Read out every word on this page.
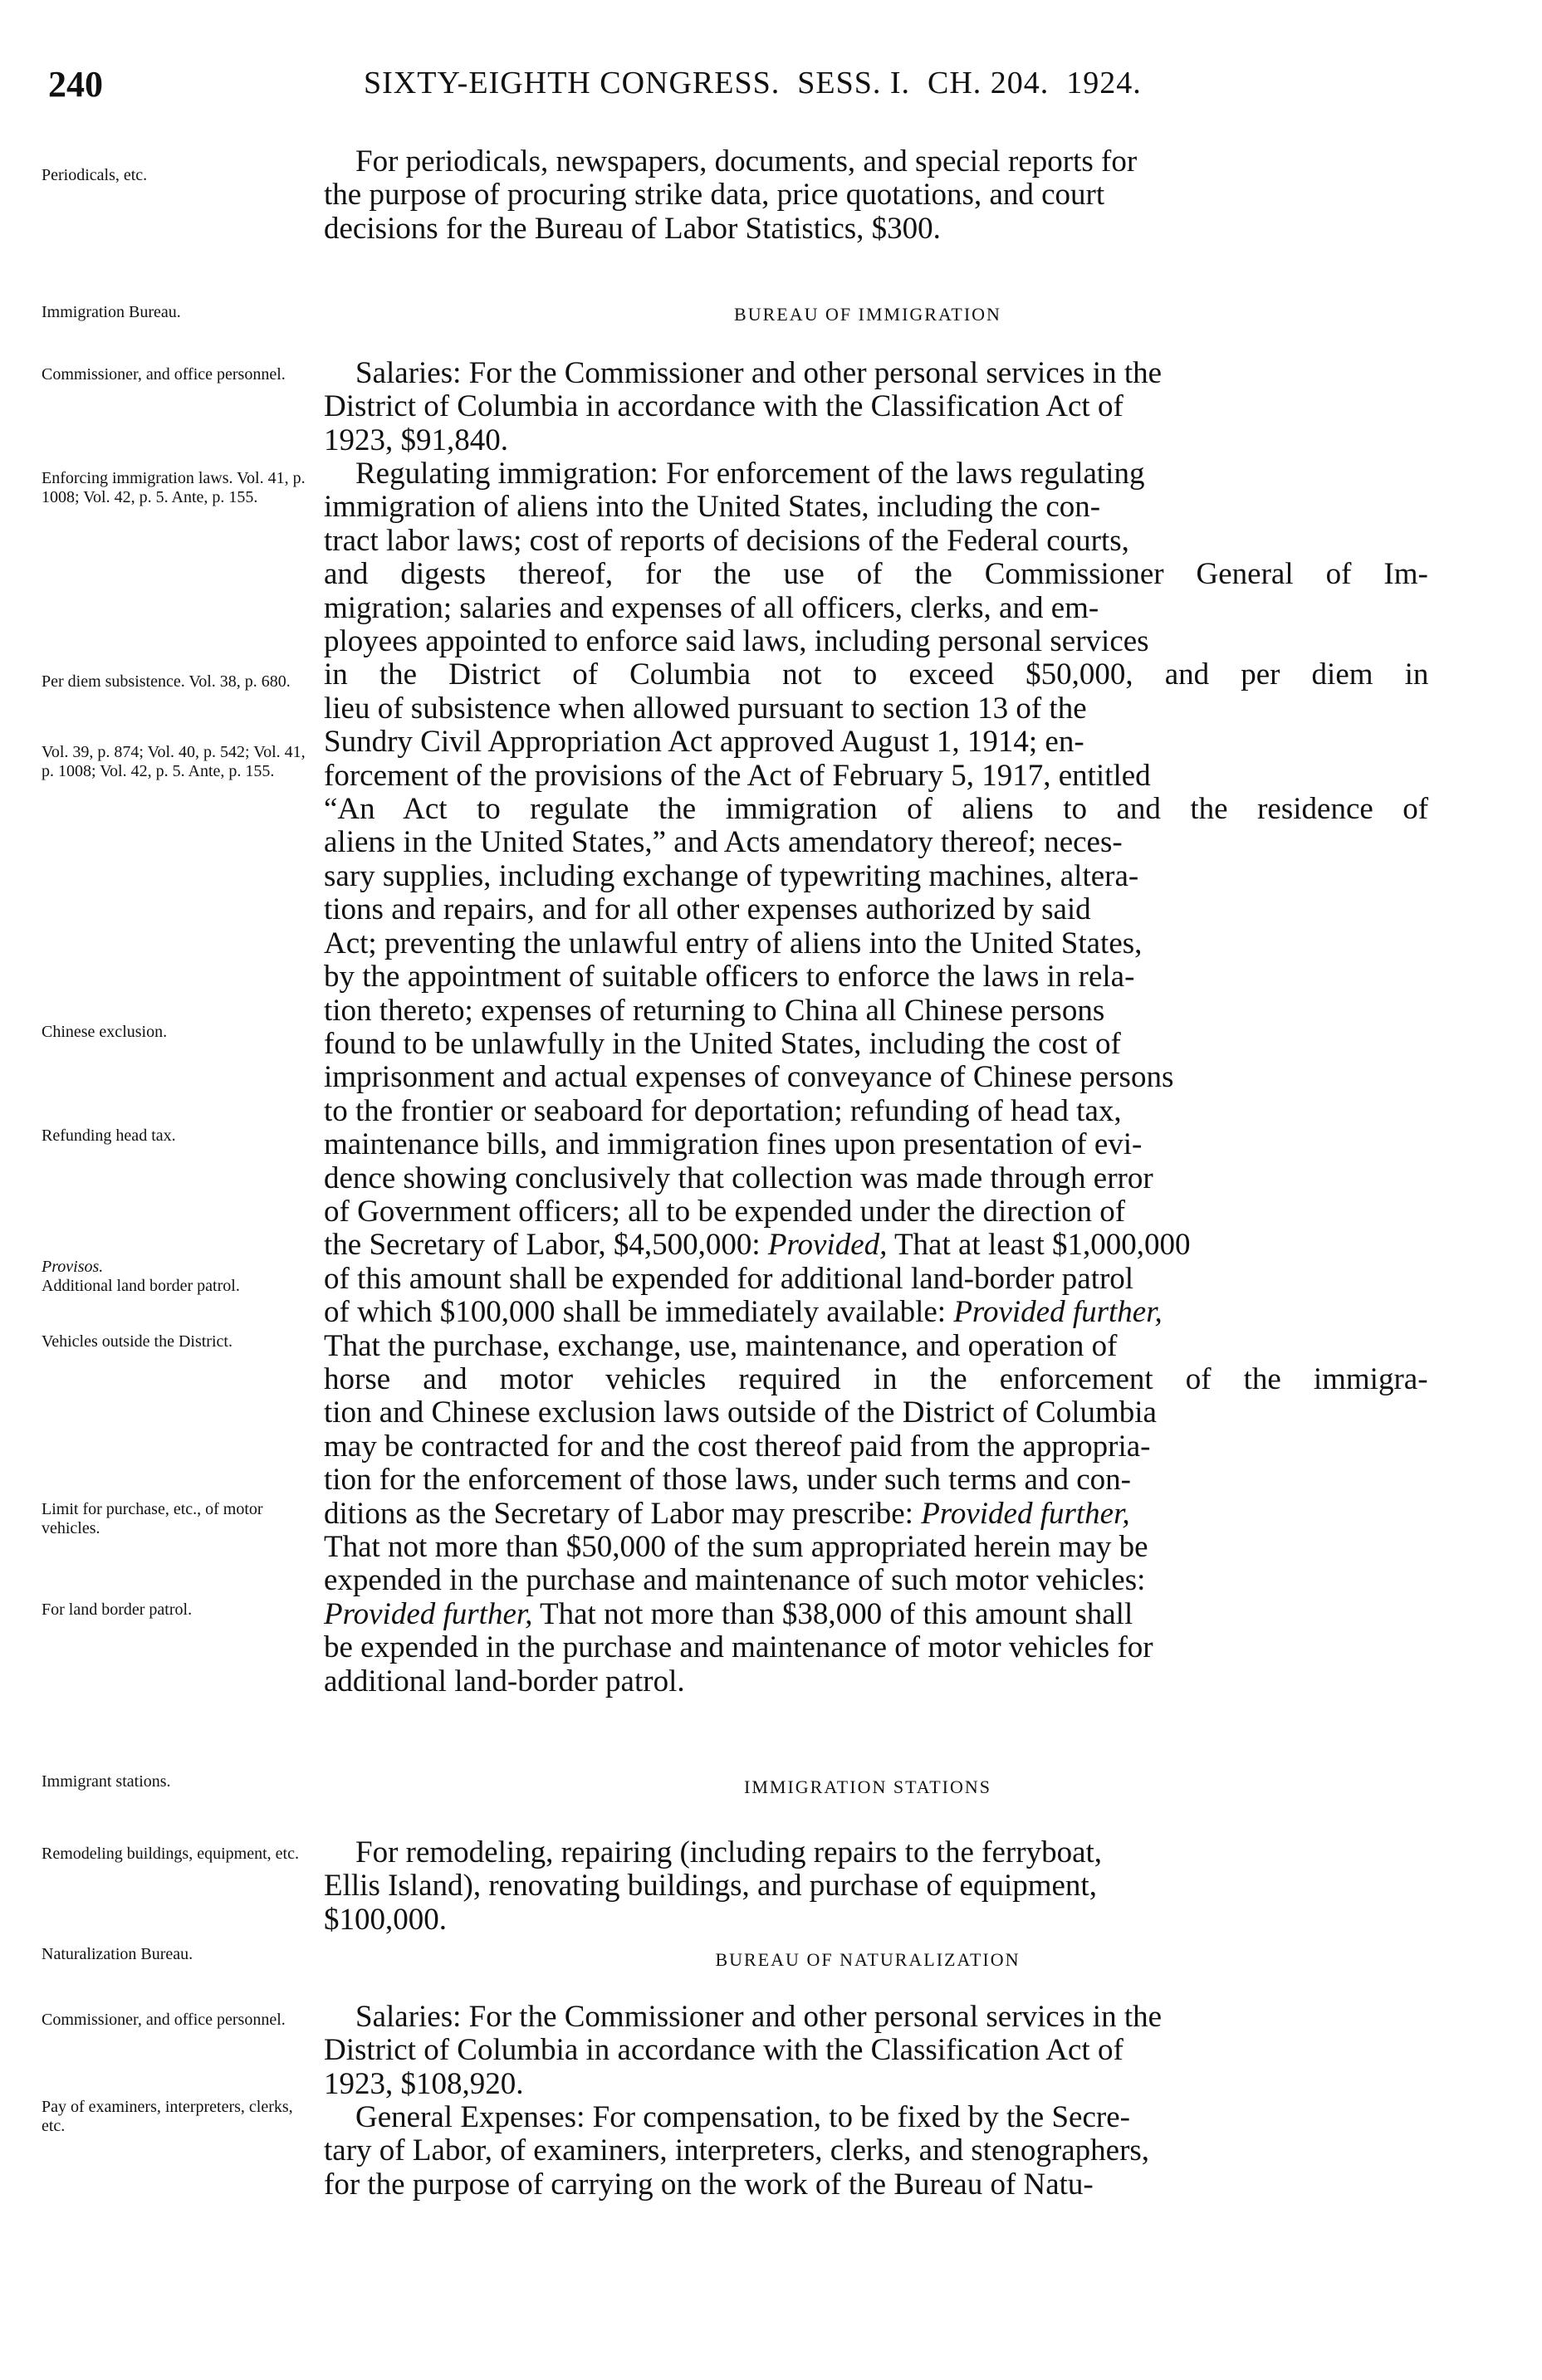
240	SIXTY-EIGHTH CONGRESS.  SESS. I.  CH. 204.  1924.
Periodicals, etc.
Immigration Bureau.
Commissioner, and office personnel.
Enforcing immigration laws. Vol. 41, p. 1008; Vol. 42, p. 5. Ante, p. 155.
Per diem subsistence. Vol. 38, p. 680.
Vol. 39, p. 874; Vol. 40, p. 542; Vol. 41, p. 1008; Vol. 42, p. 5. Ante, p. 155.
Chinese exclusion.
Refunding head tax.
Provisos.
Additional land border patrol.
Vehicles outside the District.
Limit for purchase, etc., of motor vehicles.
For land border patrol.
Immigrant stations.
Remodeling buildings, equipment, etc.
Naturalization Bureau.
Commissioner, and office personnel.
Pay of examiners, interpreters, clerks, etc.
For periodicals, newspapers, documents, and special reports for
the purpose of procuring strike data, price quotations, and court
decisions for the Bureau of Labor Statistics, $300.
BUREAU OF IMMIGRATION
Salaries: For the Commissioner and other personal services in the
District of Columbia in accordance with the Classification Act of
1923, $91,840.
Regulating immigration: For enforcement of the laws regulating
immigration of aliens into the United States, including the con-
tract labor laws; cost of reports of decisions of the Federal courts,
and digests thereof, for the use of the Commissioner General of Im-
migration; salaries and expenses of all officers, clerks, and em-
ployees appointed to enforce said laws, including personal services
in the District of Columbia not to exceed $50,000, and per diem in
lieu of subsistence when allowed pursuant to section 13 of the
Sundry Civil Appropriation Act approved August 1, 1914; en-
forcement of the provisions of the Act of February 5, 1917, entitled
“An Act to regulate the immigration of aliens to and the residence of
aliens in the United States,” and Acts amendatory thereof; neces-
sary supplies, including exchange of typewriting machines, altera-
tions and repairs, and for all other expenses authorized by said
Act; preventing the unlawful entry of aliens into the United States,
by the appointment of suitable officers to enforce the laws in rela-
tion thereto; expenses of returning to China all Chinese persons
found to be unlawfully in the United States, including the cost of
imprisonment and actual expenses of conveyance of Chinese persons
to the frontier or seaboard for deportation; refunding of head tax,
maintenance bills, and immigration fines upon presentation of evi-
dence showing conclusively that collection was made through error
of Government officers; all to be expended under the direction of
the Secretary of Labor, $4,500,000: Provided, That at least $1,000,000
of this amount shall be expended for additional land-border patrol
of which $100,000 shall be immediately available: Provided further,
That the purchase, exchange, use, maintenance, and operation of
horse and motor vehicles required in the enforcement of the immigra-
tion and Chinese exclusion laws outside of the District of Columbia
may be contracted for and the cost thereof paid from the appropria-
tion for the enforcement of those laws, under such terms and con-
ditions as the Secretary of Labor may prescribe: Provided further,
That not more than $50,000 of the sum appropriated herein may be
expended in the purchase and maintenance of such motor vehicles:
Provided further, That not more than $38,000 of this amount shall
be expended in the purchase and maintenance of motor vehicles for
additional land-border patrol.
IMMIGRATION STATIONS
For remodeling, repairing (including repairs to the ferryboat,
Ellis Island), renovating buildings, and purchase of equipment,
$100,000.
BUREAU OF NATURALIZATION
Salaries: For the Commissioner and other personal services in the
District of Columbia in accordance with the Classification Act of
1923, $108,920.
General Expenses: For compensation, to be fixed by the Secre-
tary of Labor, of examiners, interpreters, clerks, and stenographers,
for the purpose of carrying on the work of the Bureau of Natu-
